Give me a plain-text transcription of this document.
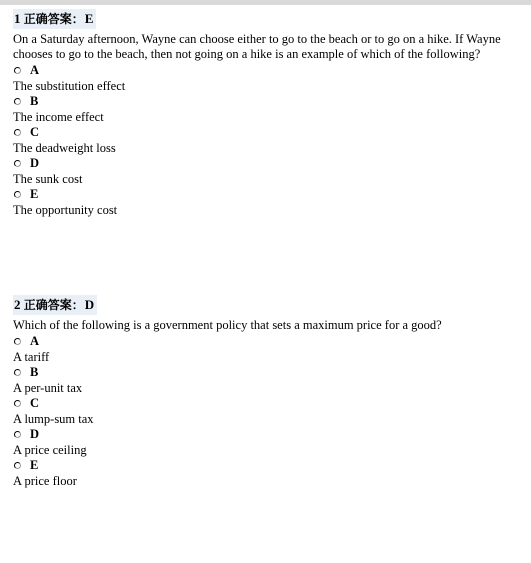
1 正确答案：E
On a Saturday afternoon, Wayne can choose either to go to the beach or to go on a hike. If Wayne chooses to go to the beach, then not going on a hike is an example of which of the following?
A
The substitution effect
B
The income effect
C
The deadweight loss
D
The sunk cost
E
The opportunity cost
2 正确答案：D
Which of the following is a government policy that sets a maximum price for a good?
A
A tariff
B
A per-unit tax
C
A lump-sum tax
D
A price ceiling
E
A price floor
